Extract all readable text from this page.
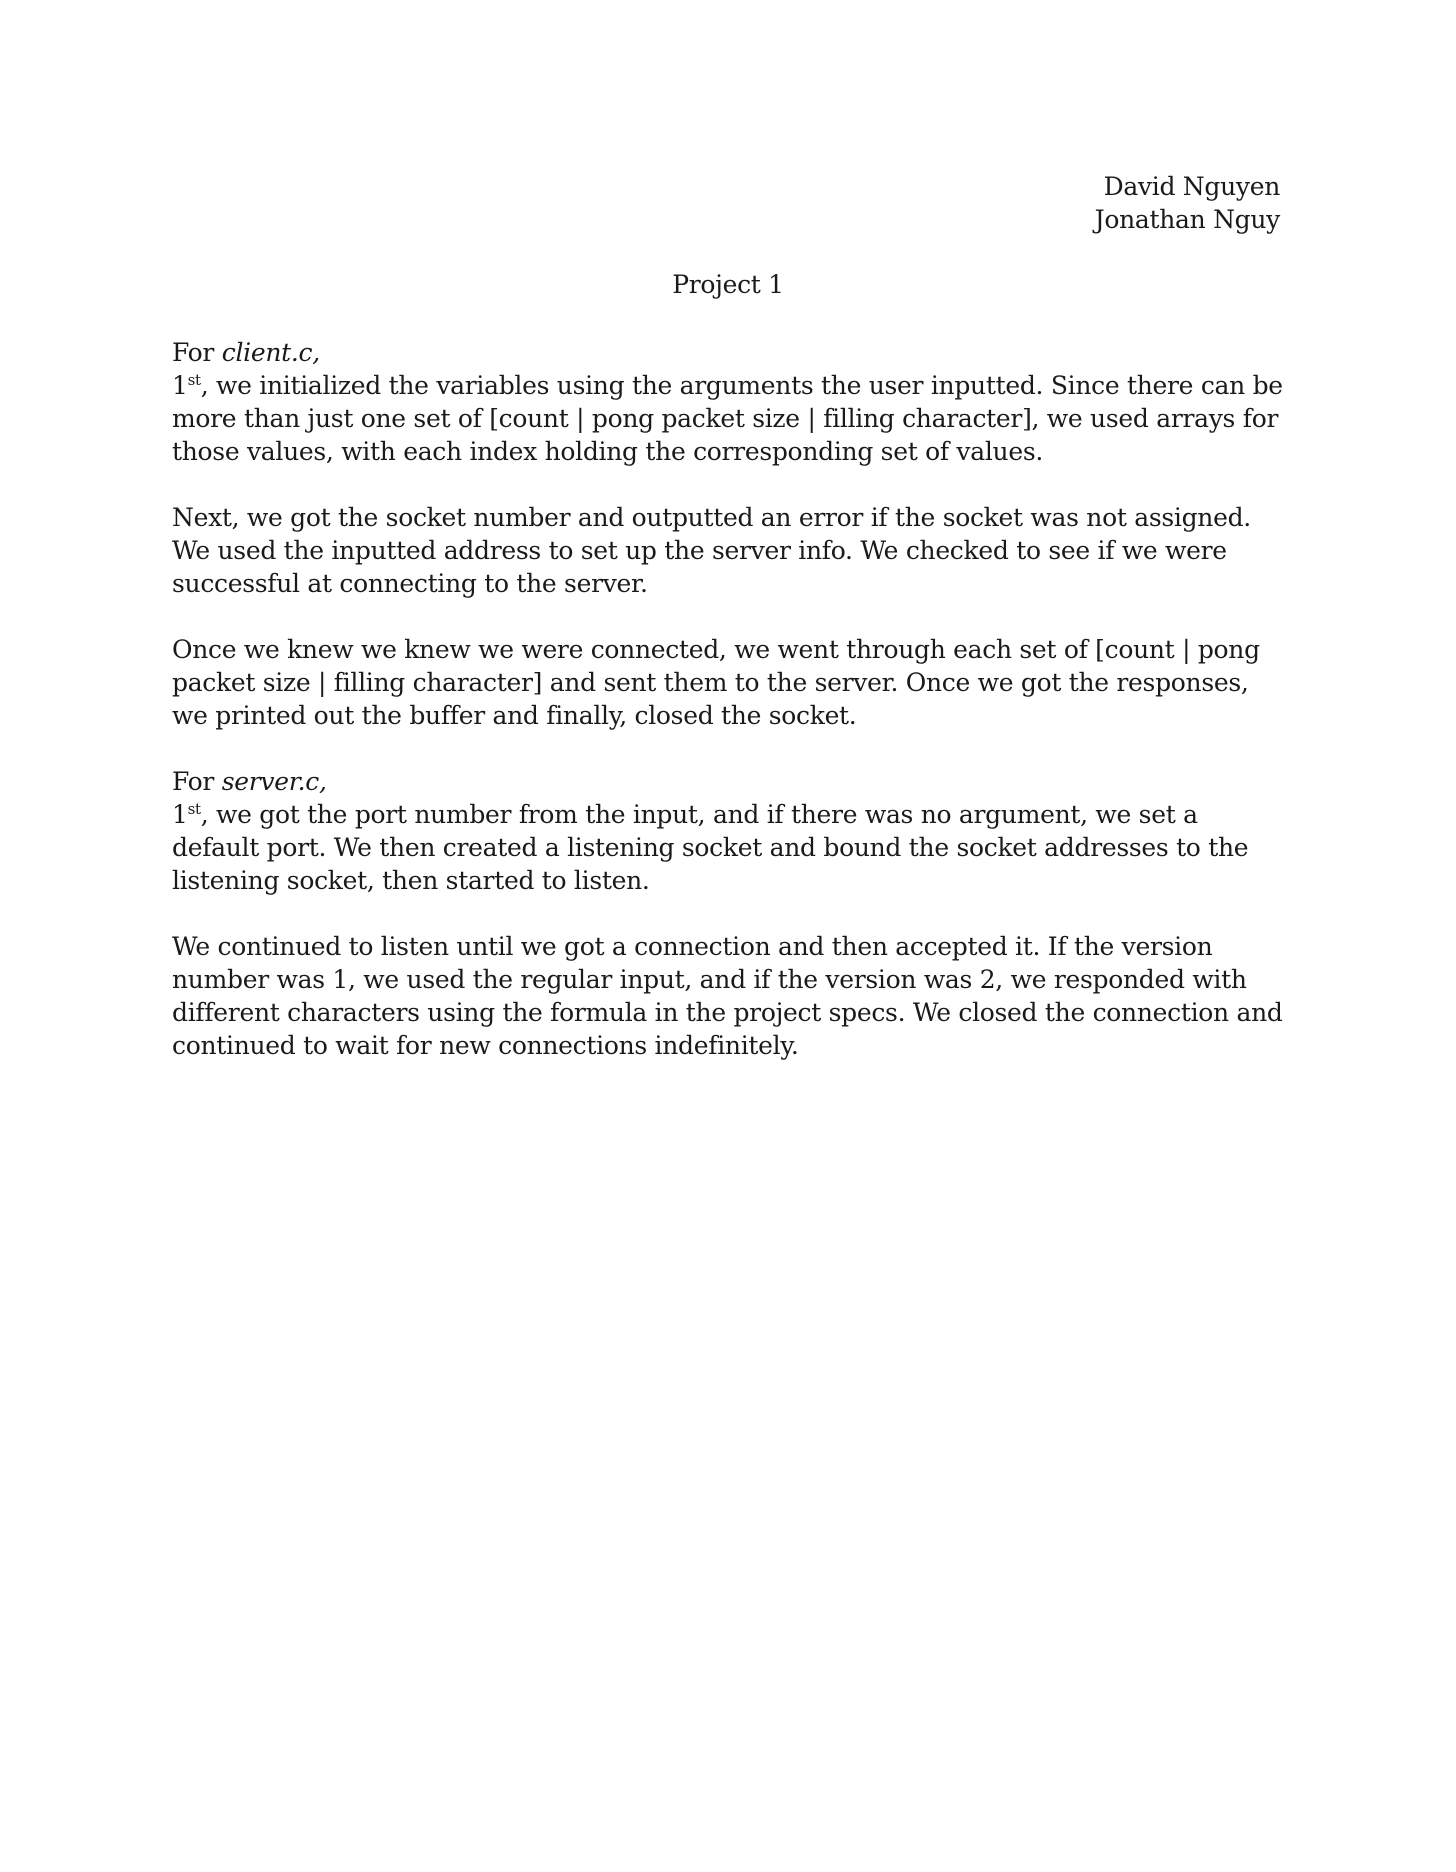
David Nguyen
Jonathan Nguy
Project 1
For client.c,

1st, we initialized the variables using the arguments the user inputted. Since there can be more than just one set of [count | pong packet size | filling character], we used arrays for those values, with each index holding the corresponding set of values.

Next, we got the socket number and outputted an error if the socket was not assigned. We used the inputted address to set up the server info. We checked to see if we were successful at connecting to the server.

Once we knew we knew we were connected, we went through each set of [count | pong packet size | filling character] and sent them to the server. Once we got the responses, we printed out the buffer and finally, closed the socket.

For server.c,

1st, we got the port number from the input, and if there was no argument, we set a default port. We then created a listening socket and bound the socket addresses to the listening socket, then started to listen.

We continued to listen until we got a connection and then accepted it. If the version number was 1, we used the regular input, and if the version was 2, we responded with different characters using the formula in the project specs. We closed the connection and continued to wait for new connections indefinitely.
